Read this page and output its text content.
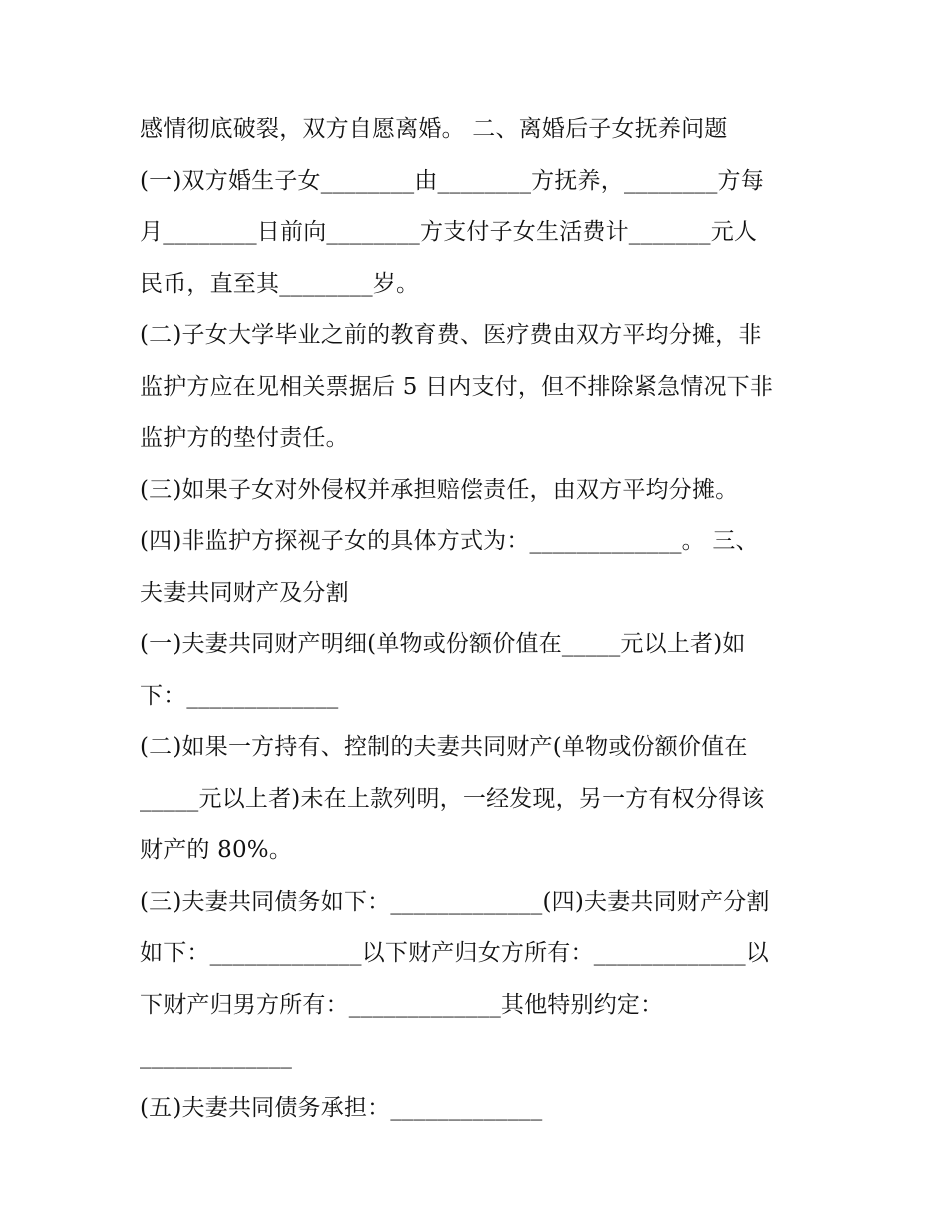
感情彻底破裂，双方自愿离婚。 二、离婚后子女抚养问题
(一)双方婚生子女________由________方抚养，________方每
月________日前向________方支付子女生活费计_______元人
民币，直至其________岁。
(二)子女大学毕业之前的教育费、医疗费由双方平均分摊，非
监护方应在见相关票据后 5 日内支付，但不排除紧急情况下非
监护方的垫付责任。
(三)如果子女对外侵权并承担赔偿责任，由双方平均分摊。
(四)非监护方探视子女的具体方式为：_____________。 三、
夫妻共同财产及分割
(一)夫妻共同财产明细(单物或份额价值在_____元以上者)如
下：_____________
(二)如果一方持有、控制的夫妻共同财产(单物或份额价值在
_____元以上者)未在上款列明，一经发现，另一方有权分得该
财产的 80%。
(三)夫妻共同债务如下：_____________(四)夫妻共同财产分割
如下：_____________以下财产归女方所有：_____________以
下财产归男方所有：_____________其他特别约定：
_____________
(五)夫妻共同债务承担：_____________
